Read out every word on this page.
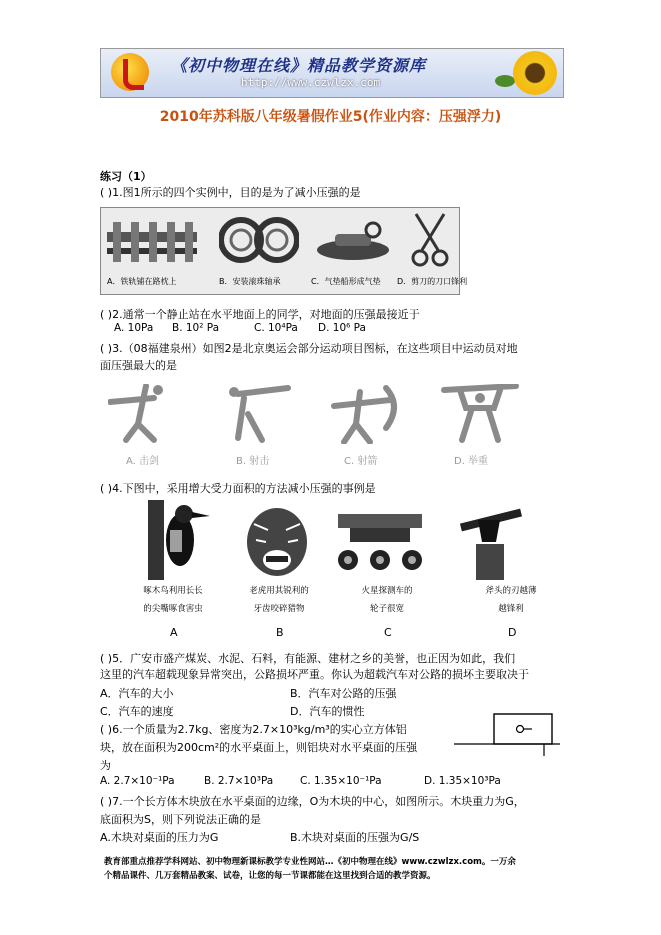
《初中物理在线》精品教学资源库
http://www.czwlzx.com
2010年苏科版八年级暑假作业5(作业内容：压强浮力)
练习（1）
( )1.图1所示的四个实例中，目的是为了减小压强的是
A．铁轨铺在路枕上	B．安装滚珠轴承	C．气垫船形成气垫 D．剪刀的刀口锋利
( )2.通常一个静止站在水平地面上的同学，对地面的压强最接近于
A. 10Pa B. 10² Pa	C. 10⁴Pa D. 10⁶ Pa
( )3.（08福建泉州）如图2是北京奥运会部分运动项目图标，在这些项目中运动员对地
面压强最大的是
A. 击剑	B. 射击	C. 射箭	D. 举重
( )4.下图中，采用增大受力面积的方法减小压强的事例是
啄木鸟利用长长
的尖嘴啄食害虫
老虎用其锐利的
牙齿咬碎猎物
火星探测车的
轮子很宽
斧头的刃越薄
越锋利
A	B	C	D
( )5．广安市盛产煤炭、水泥、石料，有能源、建材之乡的美誉，也正因为如此，我们
这里的汽车超载现象异常突出，公路损坏严重。你认为超载汽车对公路的损坏主要取决于
A．汽车的大小	B．汽车对公路的压强
C．汽车的速度	D．汽车的惯性
( )6.一个质量为2.7kg、密度为2.7×10³kg/m³的实心立方体铝
块，放在面积为200cm²的水平桌面上，则铝块对水平桌面的压强
为
A. 2.7×10⁻¹Pa	B. 2.7×10³Pa	C. 1.35×10⁻¹Pa	D. 1.35×10³Pa
( )7.一个长方体木块放在水平桌面的边缘，O为木块的中心，如图所示。木块重力为G，
底面积为S，则下列说法正确的是
A.木块对桌面的压力为G	B.木块对桌面的压强为G/S
教育部重点推荐学科网站、初中物理新课标教学专业性网站…《初中物理在线》www.czwlzx.com。一万余
个精品课件、几万套精品教案、试卷，让您的每一节课都能在这里找到合适的教学资源。
